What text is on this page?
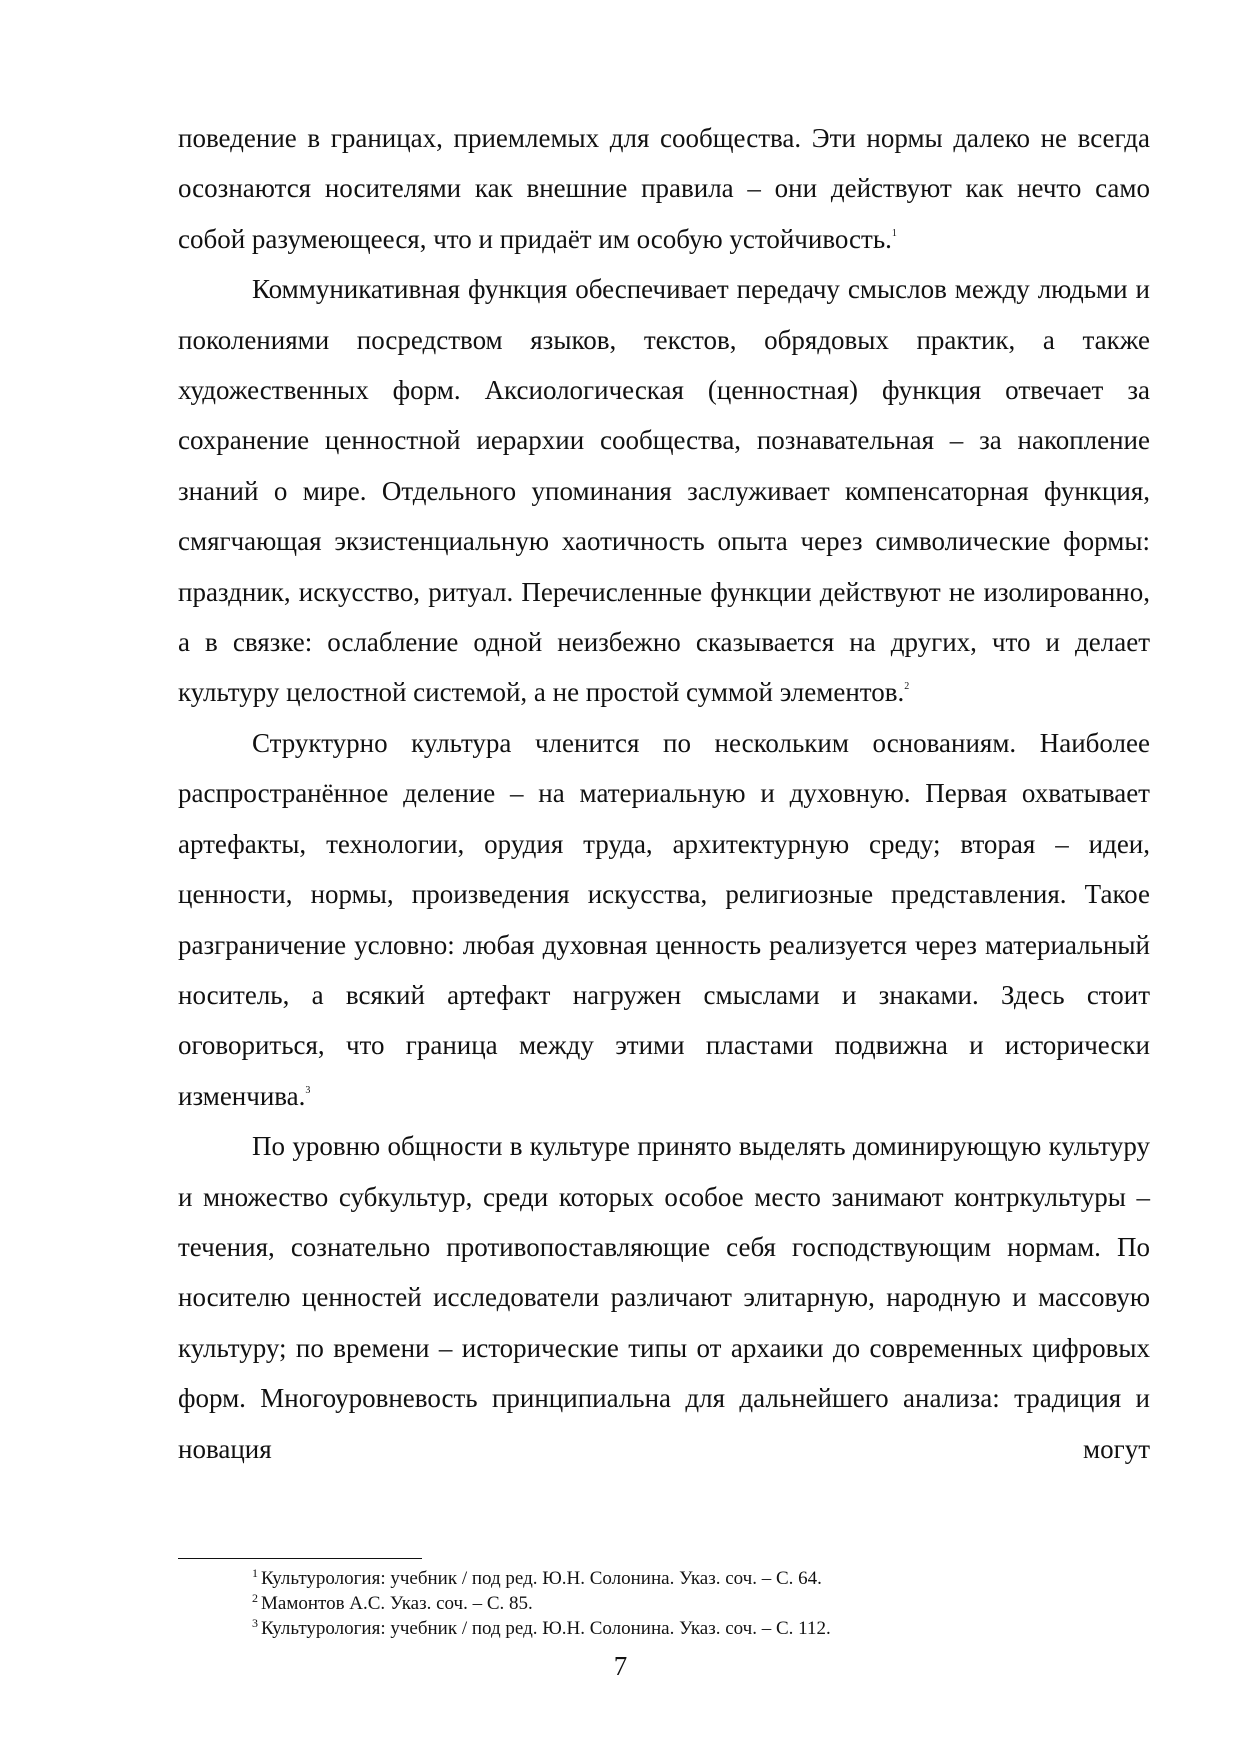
поведение в границах, приемлемых для сообщества. Эти нормы далеко не всегда осознаются носителями как внешние правила – они действуют как нечто само собой разумеющееся, что и придаёт им особую устойчивость.$^1$

Коммуникативная функция обеспечивает передачу смыслов между людьми и поколениями посредством языков, текстов, обрядовых практик, а также художественных форм. Аксиологическая (ценностная) функция отвечает за сохранение ценностной иерархии сообщества, познавательная – за накопление знаний о мире. Отдельного упоминания заслуживает компенсаторная функция, смягчающая экзистенциальную хаотичность опыта через символические формы: праздник, искусство, ритуал. Перечисленные функции действуют не изолированно, а в связке: ослабление одной неизбежно сказывается на других, что и делает культуру целостной системой, а не простой суммой элементов.$^2$

Структурно культура членится по нескольким основаниям. Наиболее распространённое деление – на материальную и духовную. Первая охватывает артефакты, технологии, орудия труда, архитектурную среду; вторая – идеи, ценности, нормы, произведения искусства, религиозные представления. Такое разграничение условно: любая духовная ценность реализуется через материальный носитель, а всякий артефакт нагружен смыслами и знаками. Здесь стоит оговориться, что граница между этими пластами подвижна и исторически изменчива.$^3$

По уровню общности в культуре принято выделять доминирующую культуру и множество субкультур, среди которых особое место занимают контркультуры – течения, сознательно противопоставляющие себя господствующим нормам. По носителю ценностей исследователи различают элитарную, народную и массовую культуру; по времени – исторические типы от архаики до современных цифровых форм. Многоуровневость принципиальна для дальнейшего анализа: традиция и новация могут

$^1$ Культурология: учебник / под ред. Ю.Н. Солонина. Указ. соч. – С. 64.

$^2$ Мамонтов А.С. Указ. соч. – С. 85.

$^3$ Культурология: учебник / под ред. Ю.Н. Солонина. Указ. соч. – С. 112.

7
